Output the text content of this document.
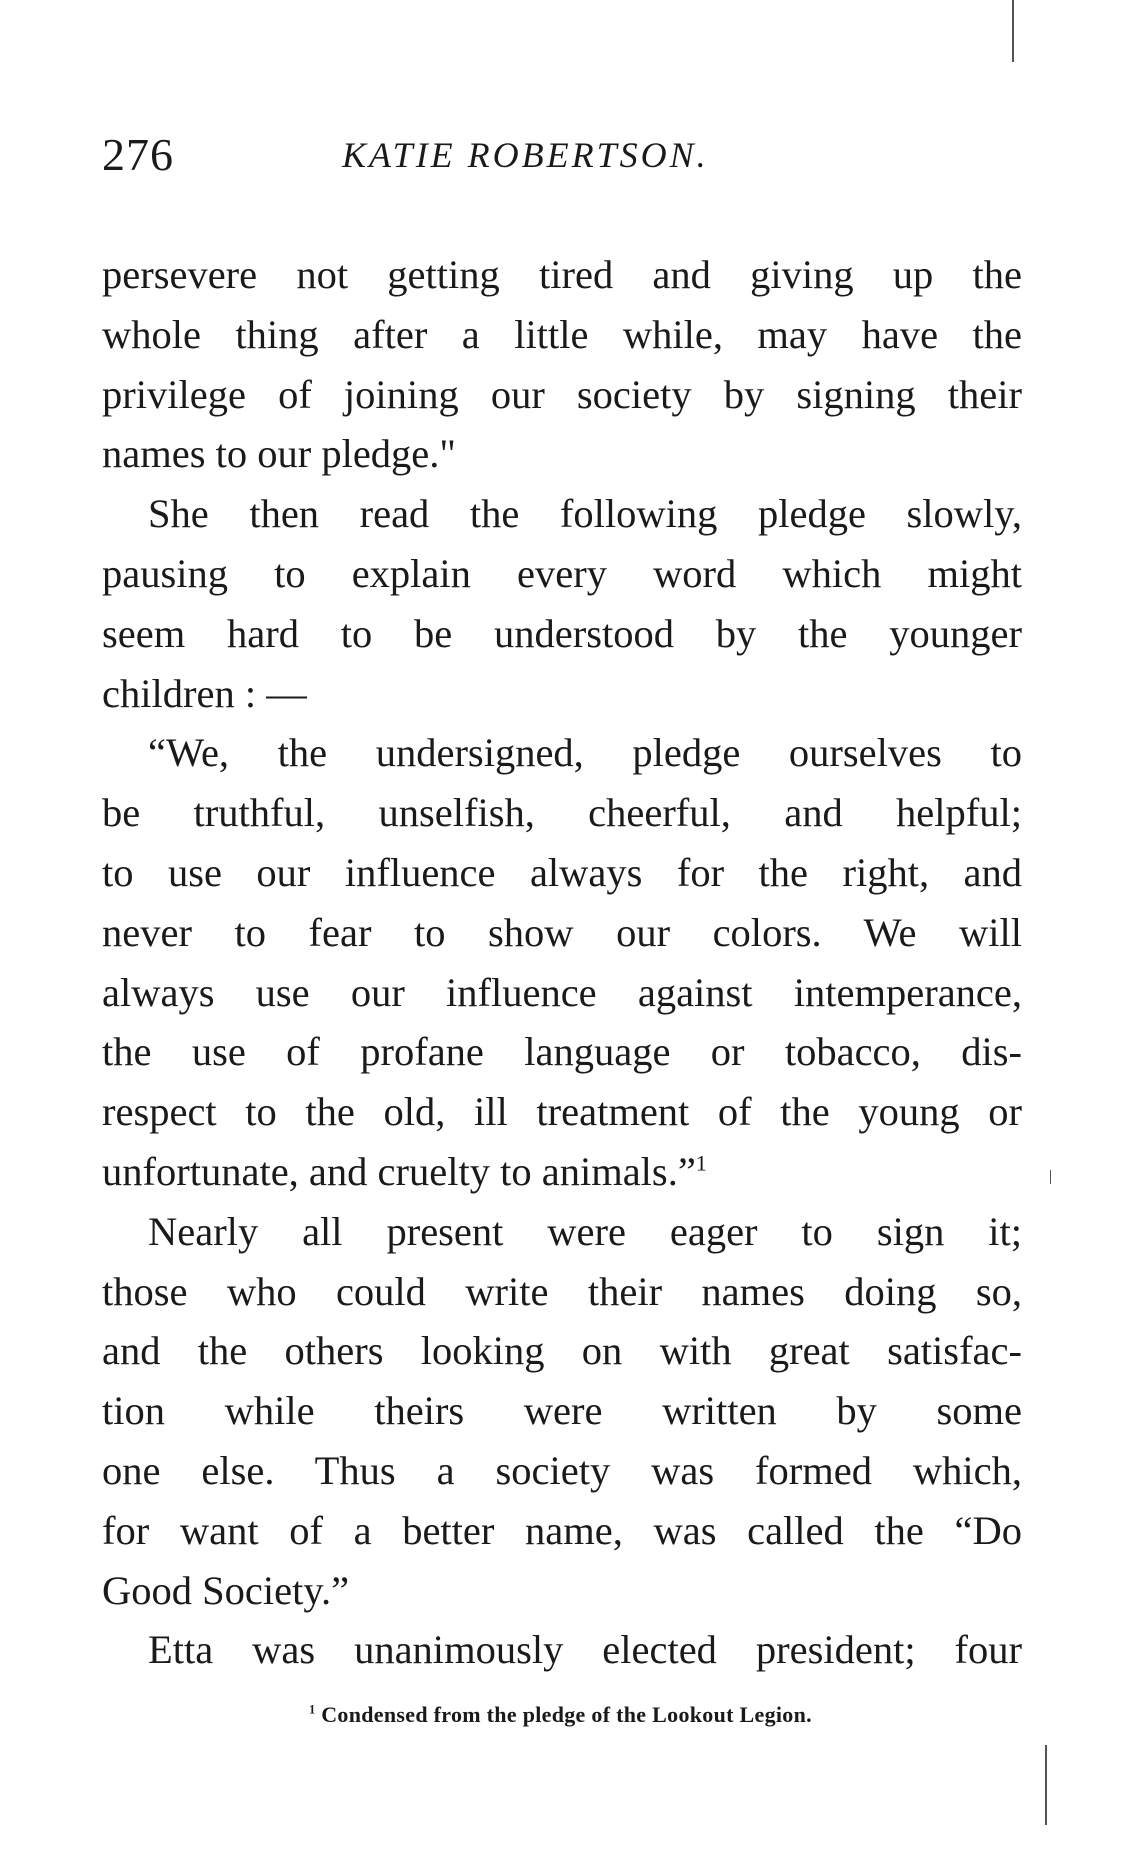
276	KATIE ROBERTSON.
persevere not getting tired and giving up the
whole thing after a little while, may have the
privilege of joining our society by signing their
names to our pledge."
She then read the following pledge slowly,
pausing to explain every word which might
seem hard to be understood by the younger
children : —
“We, the undersigned, pledge ourselves to
be truthful, unselfish, cheerful, and helpful;
to use our influence always for the right, and
never to fear to show our colors. We will
always use our influence against intemperance,
the use of profane language or tobacco, dis-
respect to the old, ill treatment of the young or
unfortunate, and cruelty to animals.”$^1$
Nearly all present were eager to sign it;
those who could write their names doing so,
and the others looking on with great satisfac-
tion while theirs were written by some
one else. Thus a society was formed which,
for want of a better name, was called the “Do
Good Society.”
Etta was unanimously elected president; four
$^1$ Condensed from the pledge of the Lookout Legion.
